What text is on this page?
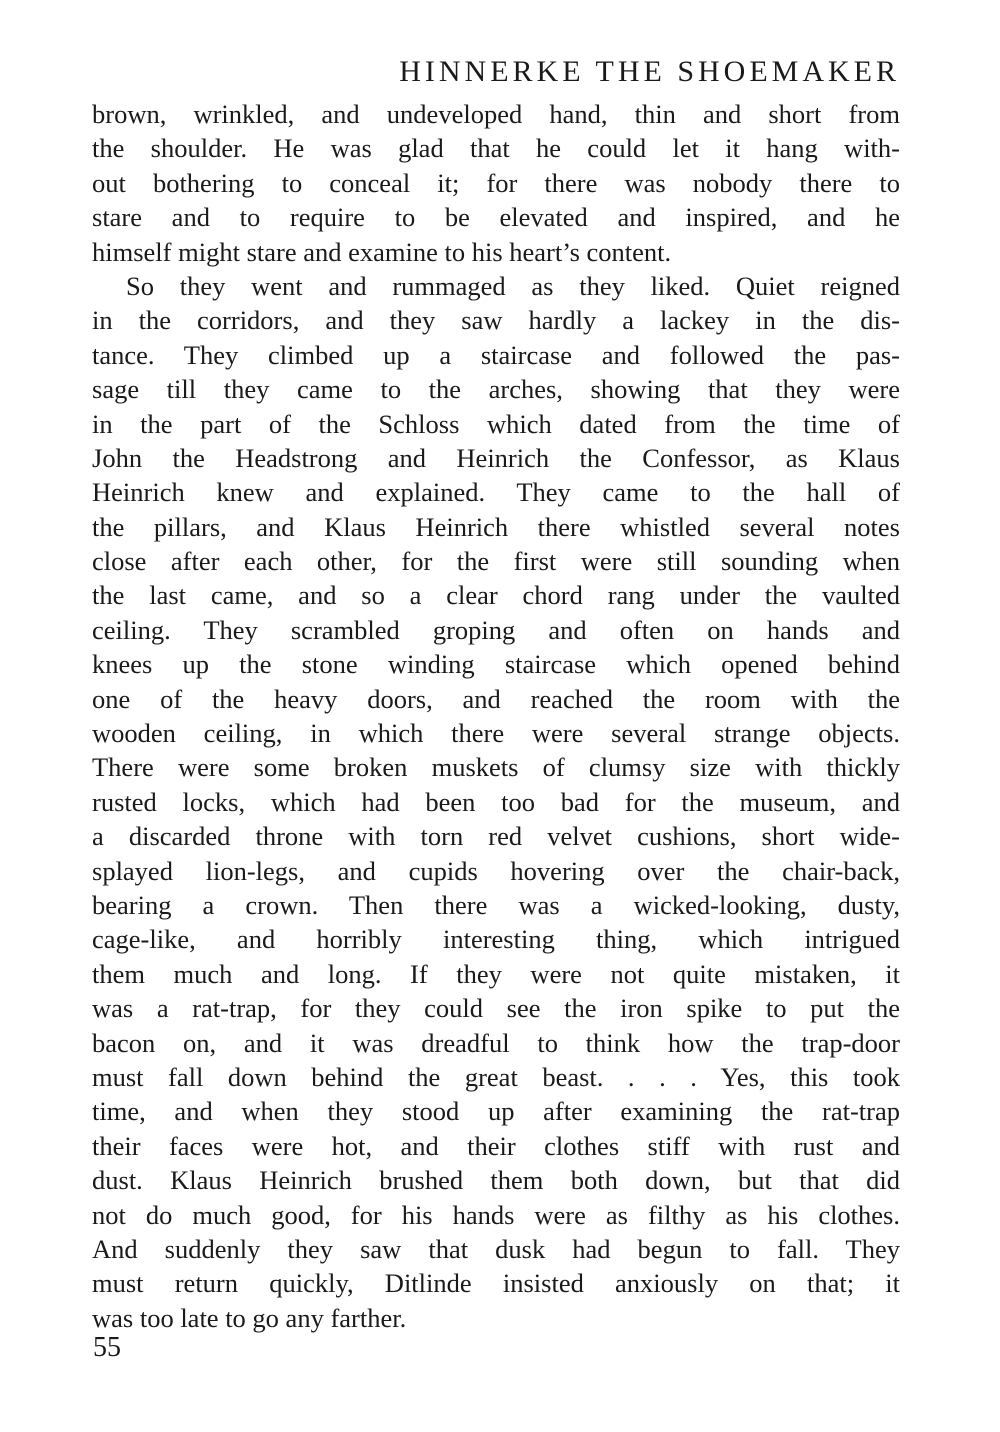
HINNERKE THE SHOEMAKER
brown, wrinkled, and undeveloped hand, thin and short from
the shoulder. He was glad that he could let it hang with-
out bothering to conceal it; for there was nobody there to
stare and to require to be elevated and inspired, and he
himself might stare and examine to his heart’s content.
So they went and rummaged as they liked. Quiet reigned
in the corridors, and they saw hardly a lackey in the dis-
tance. They climbed up a staircase and followed the pas-
sage till they came to the arches, showing that they were
in the part of the Schloss which dated from the time of
John the Headstrong and Heinrich the Confessor, as Klaus
Heinrich knew and explained. They came to the hall of
the pillars, and Klaus Heinrich there whistled several notes
close after each other, for the first were still sounding when
the last came, and so a clear chord rang under the vaulted
ceiling. They scrambled groping and often on hands and
knees up the stone winding staircase which opened behind
one of the heavy doors, and reached the room with the
wooden ceiling, in which there were several strange objects.
There were some broken muskets of clumsy size with thickly
rusted locks, which had been too bad for the museum, and
a discarded throne with torn red velvet cushions, short wide-
splayed lion-legs, and cupids hovering over the chair-back,
bearing a crown. Then there was a wicked-looking, dusty,
cage-like, and horribly interesting thing, which intrigued
them much and long. If they were not quite mistaken, it
was a rat-trap, for they could see the iron spike to put the
bacon on, and it was dreadful to think how the trap-door
must fall down behind the great beast. . . . Yes, this took
time, and when they stood up after examining the rat-trap
their faces were hot, and their clothes stiff with rust and
dust. Klaus Heinrich brushed them both down, but that did
not do much good, for his hands were as filthy as his clothes.
And suddenly they saw that dusk had begun to fall. They
must return quickly, Ditlinde insisted anxiously on that; it
was too late to go any farther.
55
